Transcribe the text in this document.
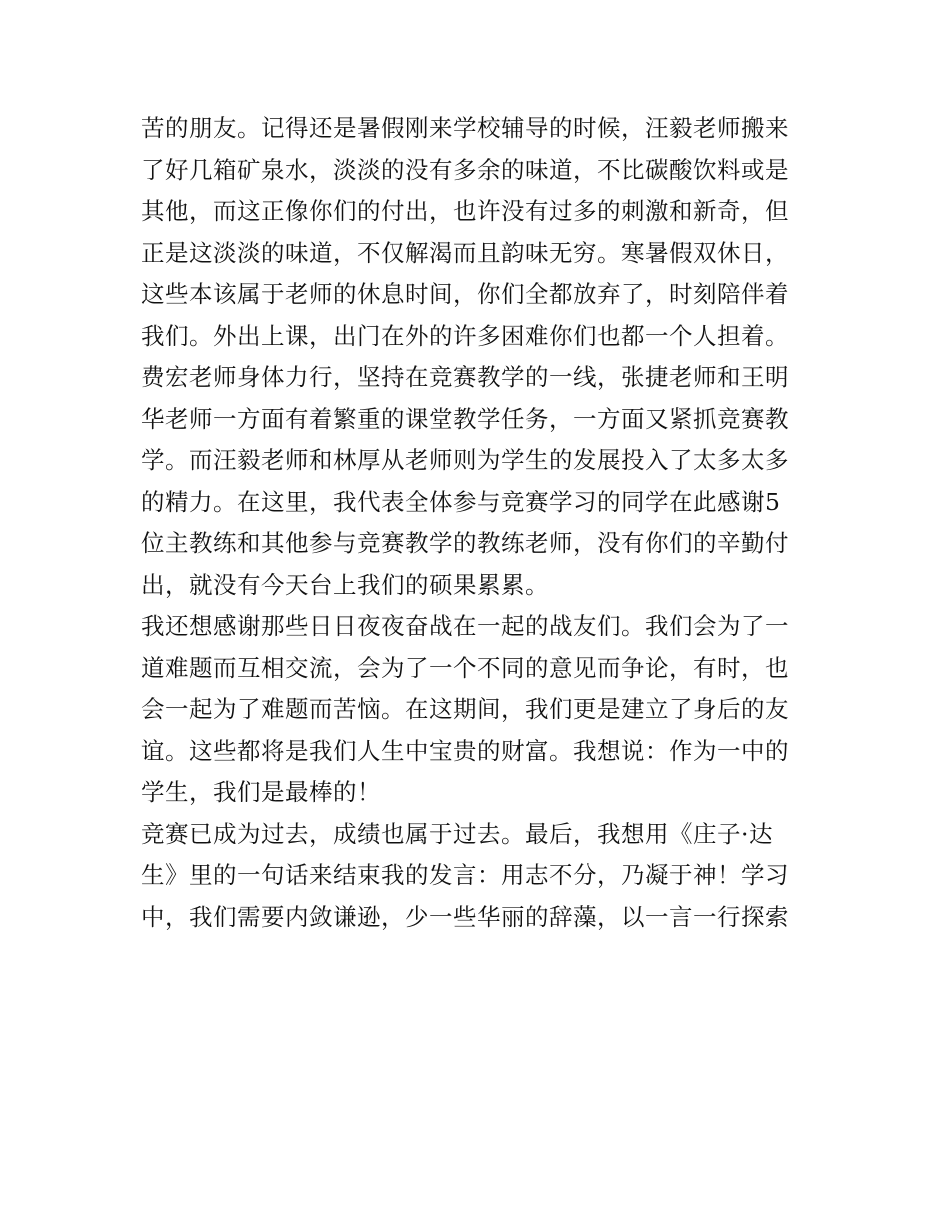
苦的朋友。记得还是暑假刚来学校辅导的时候，汪毅老师搬来
了好几箱矿泉水，淡淡的没有多余的味道，不比碳酸饮料或是
其他，而这正像你们的付出，也许没有过多的刺激和新奇，但
正是这淡淡的味道，不仅解渴而且韵味无穷。寒暑假双休日，
这些本该属于老师的休息时间，你们全都放弃了，时刻陪伴着
我们。外出上课，出门在外的许多困难你们也都一个人担着。
费宏老师身体力行，坚持在竞赛教学的一线，张捷老师和王明
华老师一方面有着繁重的课堂教学任务，一方面又紧抓竞赛教
学。而汪毅老师和林厚从老师则为学生的发展投入了太多太多
的精力。在这里，我代表全体参与竞赛学习的同学在此感谢5
位主教练和其他参与竞赛教学的教练老师，没有你们的辛勤付
出，就没有今天台上我们的硕果累累。
我还想感谢那些日日夜夜奋战在一起的战友们。我们会为了一
道难题而互相交流，会为了一个不同的意见而争论，有时，也
会一起为了难题而苦恼。在这期间，我们更是建立了身后的友
谊。这些都将是我们人生中宝贵的财富。我想说：作为一中的
学生，我们是最棒的！
竞赛已成为过去，成绩也属于过去。最后，我想用《庄子·达
生》里的一句话来结束我的发言：用志不分，乃凝于神！学习
中，我们需要内敛谦逊，少一些华丽的辞藻，以一言一行探索
